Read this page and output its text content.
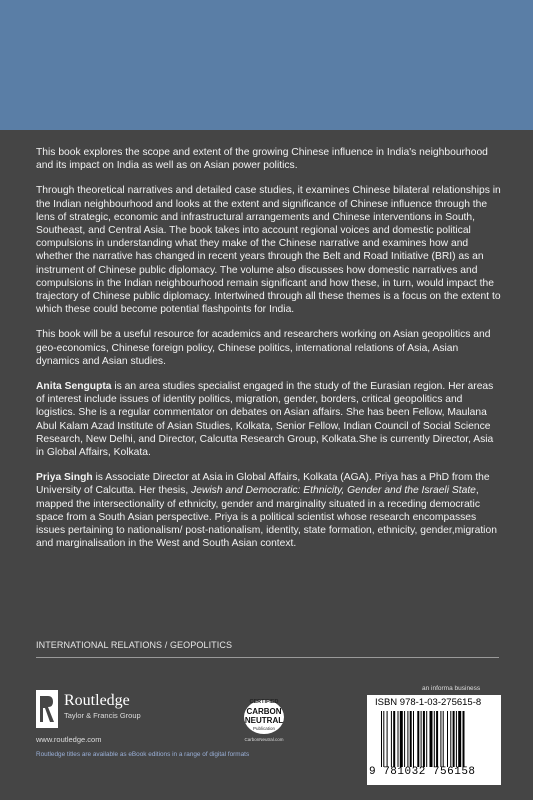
This book explores the scope and extent of the growing Chinese influence in India's neighbourhood and its impact on India as well as on Asian power politics.

Through theoretical narratives and detailed case studies, it examines Chinese bilateral relationships in the Indian neighbourhood and looks at the extent and significance of Chinese influence through the lens of strategic, economic and infrastructural arrangements and Chinese interventions in South, Southeast, and Central Asia. The book takes into account regional voices and domestic political compulsions in understanding what they make of the Chinese narrative and examines how and whether the narrative has changed in recent years through the Belt and Road Initiative (BRI) as an instrument of Chinese public diplomacy. The volume also discusses how domestic narratives and compulsions in the Indian neighbourhood remain significant and how these, in turn, would impact the trajectory of Chinese public diplomacy. Intertwined through all these themes is a focus on the extent to which these could become potential flashpoints for India.

This book will be a useful resource for academics and researchers working on Asian geopolitics and geo-economics, Chinese foreign policy, Chinese politics, international relations of Asia, Asian dynamics and Asian studies.

Anita Sengupta is an area studies specialist engaged in the study of the Eurasian region. Her areas of interest include issues of identity politics, migration, gender, borders, critical geopolitics and logistics. She is a regular commentator on debates on Asian affairs. She has been Fellow, Maulana Abul Kalam Azad Institute of Asian Studies, Kolkata, Senior Fellow, Indian Council of Social Science Research, New Delhi, and Director, Calcutta Research Group, Kolkata.She is currently Director, Asia in Global Affairs, Kolkata.

Priya Singh is Associate Director at Asia in Global Affairs, Kolkata (AGA). Priya has a PhD from the University of Calcutta. Her thesis, Jewish and Democratic: Ethnicity, Gender and the Israeli State, mapped the intersectionality of ethnicity, gender and marginality situated in a receding democratic space from a South Asian perspective. Priya is a political scientist whose research encompasses issues pertaining to nationalism/ post-nationalism, identity, state formation, ethnicity, gender,migration and marginalisation in the West and South Asian context.

INTERNATIONAL RELATIONS / GEOPOLITICS
Routledge
Taylor & Francis Group
www.routledge.com
Routledge titles are available as eBook editions in a range of digital formats
CERTIFIED
CARBON
NEUTRAL
Publication
CarbonNeutral.com
an informa business
ISBN 978-1-03-275615-8
9 781032 756158
